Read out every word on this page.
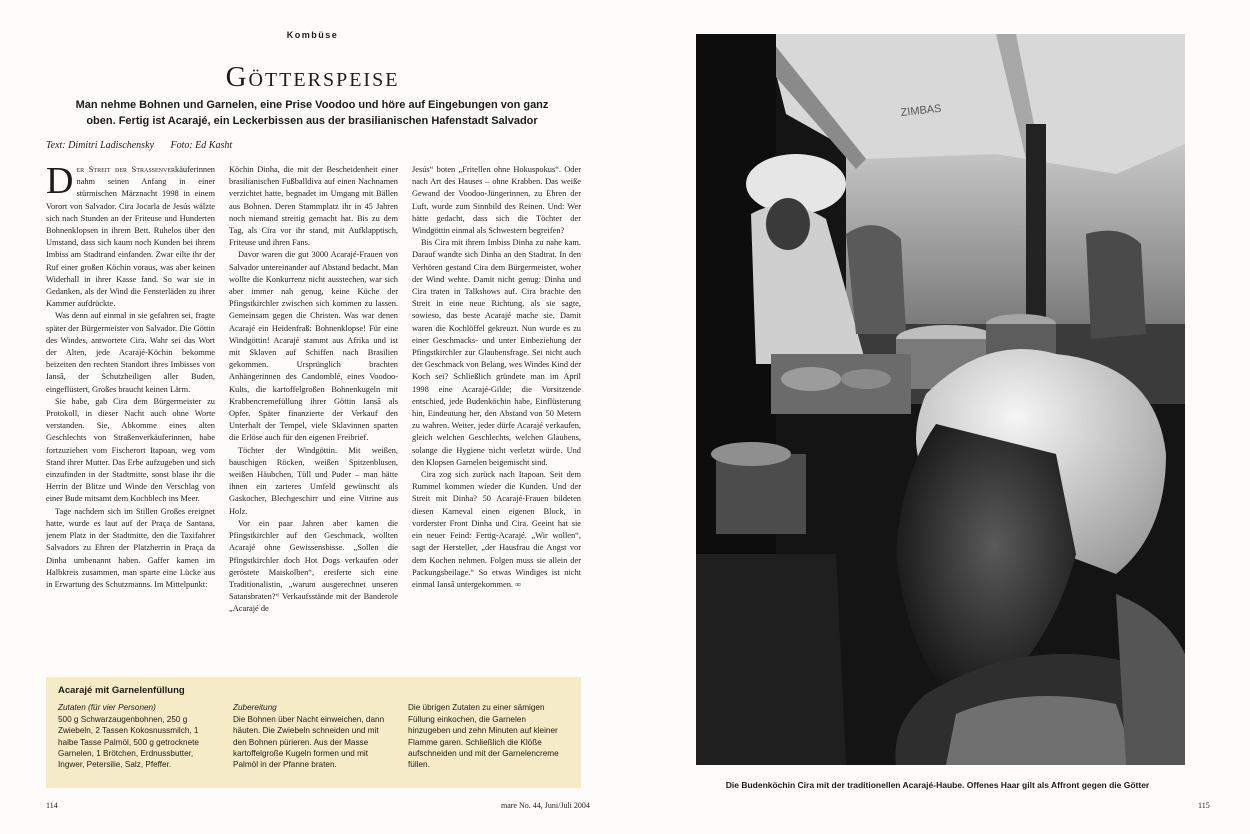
Kombüse
Götterspeise
Man nehme Bohnen und Garnelen, eine Prise Voodoo und höre auf Eingebungen von ganz oben. Fertig ist Acarajé, ein Leckerbissen aus der brasilianischen Hafenstadt Salvador
Text: Dimitri Ladischensky Foto: Ed Kasht

Der Streit der Straßenverkäuferinnen nahm seinen Anfang in einer stürmischen Märznacht 1998 in einem Vorort von Salvador. Cira Jocarla de Jesús wälzte sich nach Stunden an der Friteuse und Hunderten Bohnenklopsen in ihrem Bett. Ruhelos über den Umstand, dass sich kaum noch Kunden bei ihrem Imbiss am Stadtrand einfanden. Zwar eilte ihr der Ruf einer großen Köchin voraus, was aber keinen Widerhall in ihrer Kasse fand. So war sie in Gedanken, als der Wind die Fensterläden zu ihrer Kammer aufdrückte.

Was denn auf einmal in sie gefahren sei, fragte später der Bürgermeister von Salvador. Die Göttin des Windes, antwortete Cira. Wahr sei das Wort der Alten, jede Acarajé-Köchin bekomme beizeiten den rechten Standort ihres Imbisses von Iansã, der Schutzheiligen aller Buden, eingeflüstert, Großes braucht keinen Lärm.

Sie habe, gab Cira dem Bürgermeister zu Protokoll, in dieser Nacht auch ohne Worte verstanden. Sie, Abkomme eines alten Geschlechts von Straßenverkäuferinnen, habe fortzuziehen vom Fischerort Itapoan, weg vom Stand ihrer Mutter. Das Erbe aufzugeben und sich einzufinden in der Stadtmitte, sonst blase ihr die Herrin der Blitze und Winde den Verschlag von einer Bude mitsamt dem Kochblech ins Meer.

Tage nachdem sich im Stillen Großes ereignet hatte, wurde es laut auf der Praça de Santana, jenem Platz in der Stadtmitte, den die Taxifahrer Salvadors zu Ehren der Platzherrin in Praça da Dinha umbenannt haben. Gaffer kamen im Halbkreis zusammen, man sparte eine Lücke aus in Erwartung des Schutzmanns. Im Mittelpunkt:

Köchin Dinha, die mit der Bescheidenheit einer brasilianischen Fußballdiva auf einen Nachnamen verzichtet hatte, begnadet im Umgang mit Bällen aus Bohnen. Deren Stammplatz ihr in 45 Jahren noch niemand streitig gemacht hat. Bis zu dem Tag, als Cira vor ihr stand, mit Aufklapptisch, Friteuse und ihren Fans.

Davor waren die gut 3000 Acarajé-Frauen von Salvador untereinander auf Abstand bedacht. Man wollte die Konkurrenz nicht ausstechen, war sich aber immer nah genug, keine Küche der Pfingstkirchler zwischen sich kommen zu lassen. Gemeinsam gegen die Christen. Was war denen Acarajé ein Heidenfraß: Bohnenklopse! Für eine Windgöttin! Acarajé stammt aus Afrika und ist mit Sklaven auf Schiffen nach Brasilien gekommen. Ursprünglich brachten Anhängerinnen des Candomblé, eines Voodoo-Kults, die kartoffelgroßen Bohnenkugeln mit Krabbencremefüllung ihrer Göttin Iansã als Opfer. Später finanzierte der Verkauf den Unterhalt der Tempel, viele Sklavinnen sparten die Erlöse auch für den eigenen Freibrief.

Töchter der Windgöttin. Mit weißen, bauschigen Röcken, weißen Spitzenblusen, weißen Häubchen, Tüll und Puder – man hätte ihnen ein zarteres Umfeld gewünscht als Gaskocher, Blechgeschirr und eine Vitrine aus Holz.

Vor ein paar Jahren aber kamen die Pfingstkirchler auf den Geschmack, wollten Acarajé ohne Gewissensbisse. „Sollen die Pfingstkirchler doch Hot Dogs verkaufen oder geröstete Maiskolben“, ereiferte sich eine Traditionalistin, „warum ausgerechnet unseren Satansbraten?“ Verkaufsstände mit der Banderole „Acarajé de

Jesús“ boten „Fritellen ohne Hokuspokus“. Oder nach Art des Hauses – ohne Krabben. Das weiße Gewand der Voodoo-Jüngerinnen, zu Ehren der Luft, wurde zum Sinnbild des Reinen. Und: Wer hätte gedacht, dass sich die Töchter der Windgöttin einmal als Schwestern begreifen?

Bis Cira mit ihrem Imbiss Dinha zu nahe kam. Darauf wandte sich Dinha an den Stadtrat. In den Verhören gestand Cira dem Bürgermeister, woher der Wind wehte. Damit nicht genug: Dinha und Cira traten in Talkshows auf. Cira brachte den Streit in eine neue Richtung, als sie sagte, sowieso, das beste Acarajé mache sie. Damit waren die Kochlöffel gekreuzt. Nun wurde es zu einer Geschmacks- und unter Einbeziehung der Pfingstkirchler zur Glaubensfrage. Sei nicht auch der Geschmack von Belang, wes Windes Kind der Koch sei? Schließlich gründete man im April 1998 eine Acarajé-Gilde; die Vorsitzende entschied, jede Budenköchin habe, Einflüsterung hin, Eindeutung her, den Abstand von 50 Metern zu wahren. Weiter, jeder dürfe Acarajé verkaufen, gleich welchen Geschlechts, welchen Glaubens, solange die Hygiene nicht verletzt würde. Und den Klopsen Garnelen beigemischt sind.

Cira zog sich zurück nach Itapoan. Seit dem Rummel kommen wieder die Kunden. Und der Streit mit Dinha? 50 Acarajé-Frauen bildeten diesen Karneval einen eigenen Block, in vorderster Front Dinha und Cira. Geeint hat sie ein neuer Feind: Fertig-Acarajé. „Wir wollen“, sagt der Hersteller, „der Hausfrau die Angst vor dem Kochen nehmen. Folgen muss sie allein der Packungsbeilage.“ So etwas Windiges ist nicht einmal Iansã untergekommen. ∞

Acarajé mit Garnelenfüllung
Zutaten (für vier Personen)
500 g Schwarzaugenbohnen, 250 g Zwiebeln, 2 Tassen Kokosnussmilch, 1 halbe Tasse Palmöl, 500 g getrocknete Garnelen, 1 Brötchen, Erdnussbutter, Ingwer, Petersilie, Salz, Pfeffer.
Zubereitung
Die Bohnen über Nacht einweichen, dann häuten. Die Zwiebeln schneiden und mit den Bohnen pürieren. Aus der Masse kartoffelgroße Kugeln formen und mit Palmöl in der Pfanne braten.
Die übrigen Zutaten zu einer sämigen Füllung einkochen, die Garnelen hinzugeben und zehn Minuten auf kleiner Flamme garen. Schließlich die Klöße aufschneiden und mit der Garnelencreme füllen.
114	mare No. 44, Juni/Juli 2004
ZIMBAS
Die Budenköchin Cira mit der traditionellen Acarajé-Haube. Offenes Haar gilt als Affront gegen die Götter
115
